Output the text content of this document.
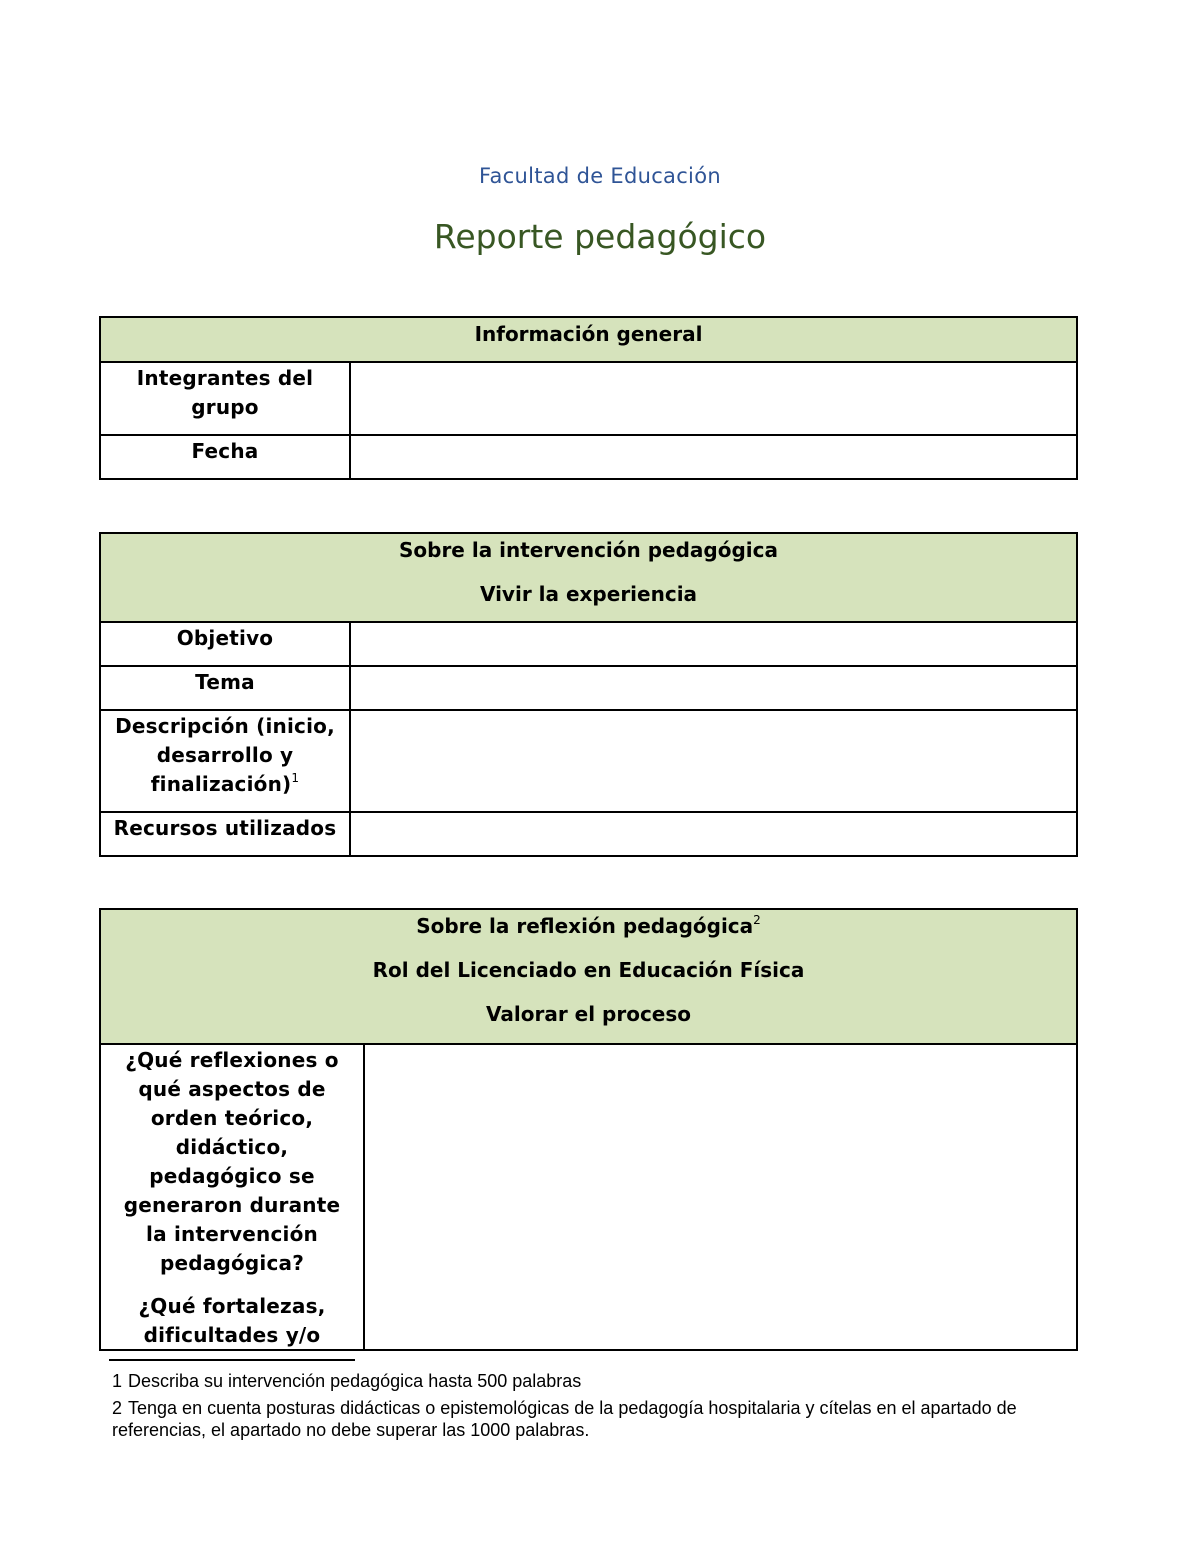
Facultad de Educación
Reporte pedagógico
Información general	

Integrantes del grupo	
Fecha	
Sobre la intervención pedagógica
Vivir la experiencia	

Objetivo	
Tema	
Descripción (inicio, desarrollo y finalización)$^1$	
Recursos utilizados	
Sobre la reflexión pedagógica$^2$
Rol del Licenciado en Educación Física
Valorar el proceso

¿Qué reflexiones o qué aspectos de orden teórico, didáctico, pedagógico se generaron durante la intervención pedagógica?
¿Qué fortalezas, dificultades y/o

1 Describa su intervención pedagógica hasta 500 palabras
2 Tenga en cuenta posturas didácticas o epistemológicas de la pedagogía hospitalaria y cítelas en el apartado de referencias, el apartado no debe superar las 1000 palabras.
